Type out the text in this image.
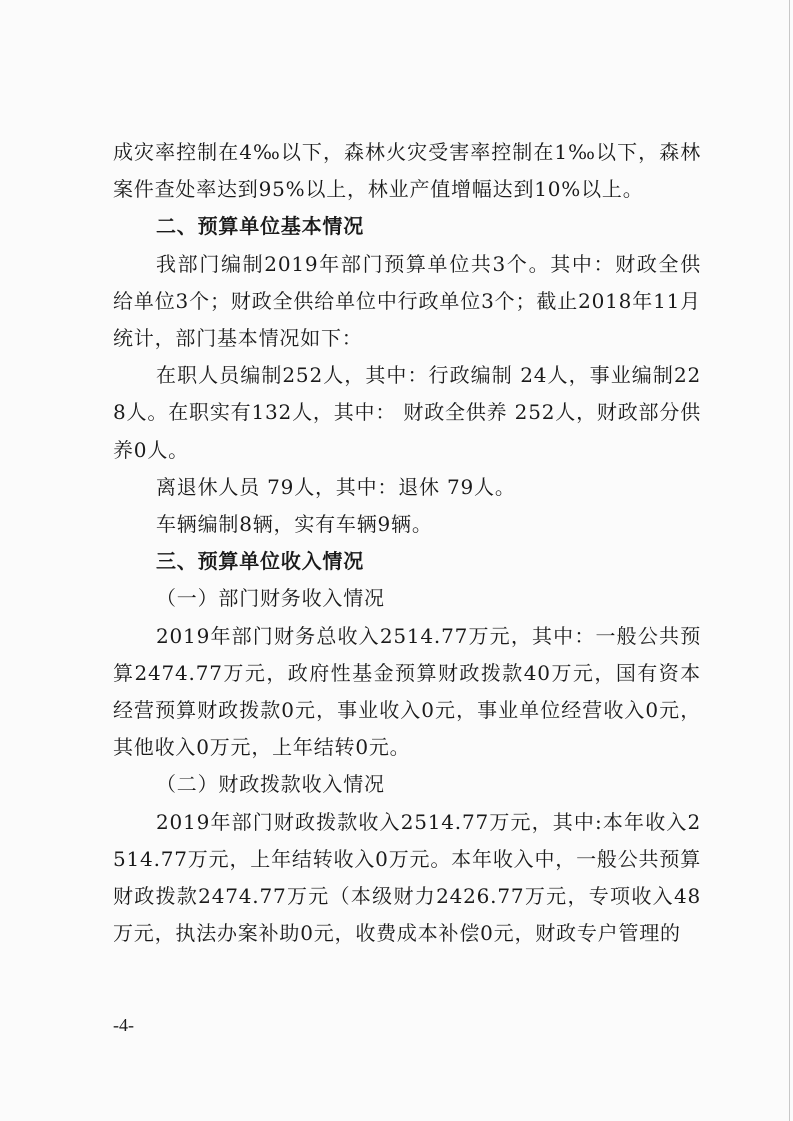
成灾率控制在4‰以下，森林火灾受害率控制在1‰以下，森林案件查处率达到95%以上，林业产值增幅达到10%以上。

二、预算单位基本情况

我部门编制2019年部门预算单位共3个。其中：财政全供给单位3个；财政全供给单位中行政单位3个；截止2018年11月统计，部门基本情况如下：

在职人员编制252人，其中：行政编制 24人，事业编制228人。在职实有132人，其中： 财政全供养 252人，财政部分供养0人。

离退休人员 79人，其中：退休 79人。

车辆编制8辆，实有车辆9辆。

三、预算单位收入情况

（一）部门财务收入情况

2019年部门财务总收入2514.77万元，其中：一般公共预算2474.77万元，政府性基金预算财政拨款40万元，国有资本经营预算财政拨款0元，事业收入0元，事业单位经营收入0元，其他收入0万元，上年结转0元。

（二）财政拨款收入情况

2019年部门财政拨款收入2514.77万元，其中:本年收入2514.77万元，上年结转收入0万元。本年收入中，一般公共预算财政拨款2474.77万元（本级财力2426.77万元，专项收入48万元，执法办案补助0元，收费成本补偿0元，财政专户管理的

-4-
